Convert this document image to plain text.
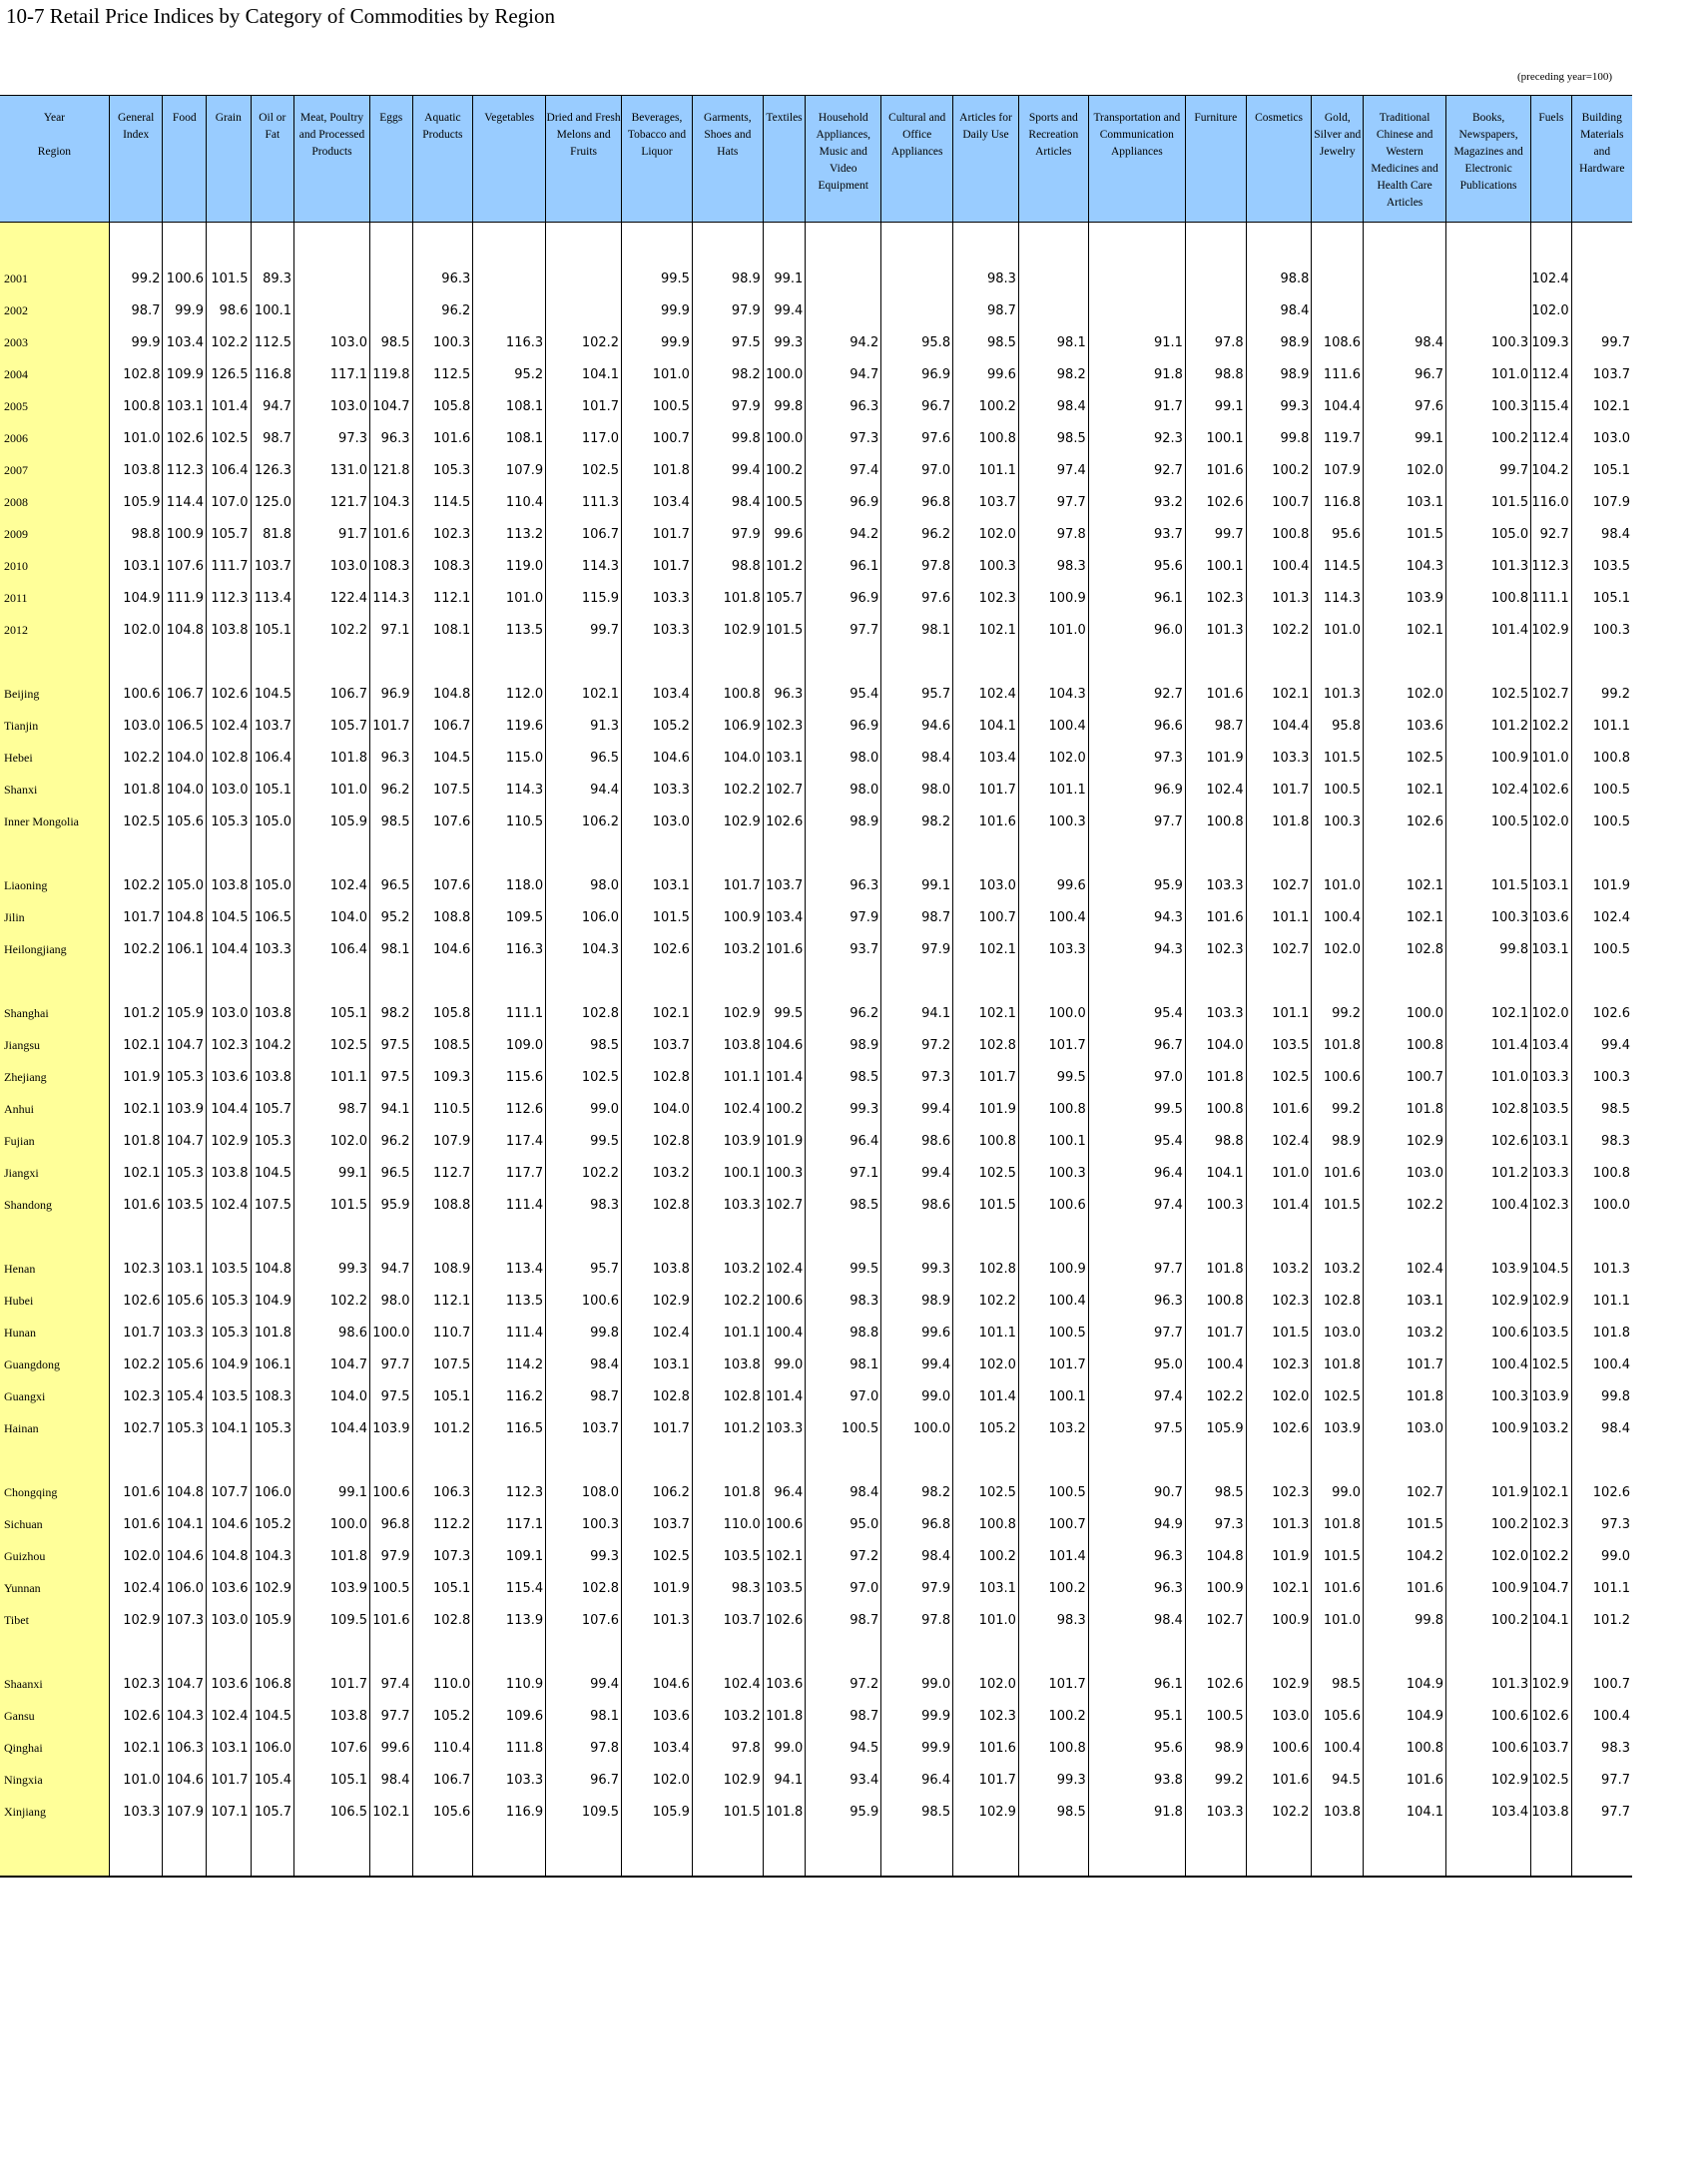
10-7 Retail Price Indices by Category of Commodities by Region
(preceding year=100)
Year
Region	General Index	Food	Grain	Oil or Fat	Meat, Poultry and Processed Products	Eggs	Aquatic Products	Vegetables	Dried and Fresh Melons and Fruits	Beverages, Tobacco and Liquor	Garments, Shoes and Hats	Textiles	Household Appliances, Music and Video Equipment	Cultural and Office Appliances	Articles for Daily Use	Sports and Recreation Articles	Transportation and Communication Appliances	Furniture	Cosmetics	Gold, Silver and Jewelry	Traditional Chinese and Western Medicines and Health Care Articles	Books, Newspapers, Magazines and Electronic Publications	Fuels	Building Materials and Hardware

2001	99.2	100.6	101.5	89.3			96.3			99.5	98.9	99.1			98.3				98.8				102.4	
2002	98.7	99.9	98.6	100.1			96.2			99.9	97.9	99.4			98.7				98.4				102.0	
2003	99.9	103.4	102.2	112.5	103.0	98.5	100.3	116.3	102.2	99.9	97.5	99.3	94.2	95.8	98.5	98.1	91.1	97.8	98.9	108.6	98.4	100.3	109.3	99.7
2004	102.8	109.9	126.5	116.8	117.1	119.8	112.5	95.2	104.1	101.0	98.2	100.0	94.7	96.9	99.6	98.2	91.8	98.8	98.9	111.6	96.7	101.0	112.4	103.7
2005	100.8	103.1	101.4	94.7	103.0	104.7	105.8	108.1	101.7	100.5	97.9	99.8	96.3	96.7	100.2	98.4	91.7	99.1	99.3	104.4	97.6	100.3	115.4	102.1
2006	101.0	102.6	102.5	98.7	97.3	96.3	101.6	108.1	117.0	100.7	99.8	100.0	97.3	97.6	100.8	98.5	92.3	100.1	99.8	119.7	99.1	100.2	112.4	103.0
2007	103.8	112.3	106.4	126.3	131.0	121.8	105.3	107.9	102.5	101.8	99.4	100.2	97.4	97.0	101.1	97.4	92.7	101.6	100.2	107.9	102.0	99.7	104.2	105.1
2008	105.9	114.4	107.0	125.0	121.7	104.3	114.5	110.4	111.3	103.4	98.4	100.5	96.9	96.8	103.7	97.7	93.2	102.6	100.7	116.8	103.1	101.5	116.0	107.9
2009	98.8	100.9	105.7	81.8	91.7	101.6	102.3	113.2	106.7	101.7	97.9	99.6	94.2	96.2	102.0	97.8	93.7	99.7	100.8	95.6	101.5	105.0	92.7	98.4
2010	103.1	107.6	111.7	103.7	103.0	108.3	108.3	119.0	114.3	101.7	98.8	101.2	96.1	97.8	100.3	98.3	95.6	100.1	100.4	114.5	104.3	101.3	112.3	103.5
2011	104.9	111.9	112.3	113.4	122.4	114.3	112.1	101.0	115.9	103.3	101.8	105.7	96.9	97.6	102.3	100.9	96.1	102.3	101.3	114.3	103.9	100.8	111.1	105.1
2012	102.0	104.8	103.8	105.1	102.2	97.1	108.1	113.5	99.7	103.3	102.9	101.5	97.7	98.1	102.1	101.0	96.0	101.3	102.2	101.0	102.1	101.4	102.9	100.3

Beijing	100.6	106.7	102.6	104.5	106.7	96.9	104.8	112.0	102.1	103.4	100.8	96.3	95.4	95.7	102.4	104.3	92.7	101.6	102.1	101.3	102.0	102.5	102.7	99.2
Tianjin	103.0	106.5	102.4	103.7	105.7	101.7	106.7	119.6	91.3	105.2	106.9	102.3	96.9	94.6	104.1	100.4	96.6	98.7	104.4	95.8	103.6	101.2	102.2	101.1
Hebei	102.2	104.0	102.8	106.4	101.8	96.3	104.5	115.0	96.5	104.6	104.0	103.1	98.0	98.4	103.4	102.0	97.3	101.9	103.3	101.5	102.5	100.9	101.0	100.8
Shanxi	101.8	104.0	103.0	105.1	101.0	96.2	107.5	114.3	94.4	103.3	102.2	102.7	98.0	98.0	101.7	101.1	96.9	102.4	101.7	100.5	102.1	102.4	102.6	100.5
Inner Mongolia	102.5	105.6	105.3	105.0	105.9	98.5	107.6	110.5	106.2	103.0	102.9	102.6	98.9	98.2	101.6	100.3	97.7	100.8	101.8	100.3	102.6	100.5	102.0	100.5

Liaoning	102.2	105.0	103.8	105.0	102.4	96.5	107.6	118.0	98.0	103.1	101.7	103.7	96.3	99.1	103.0	99.6	95.9	103.3	102.7	101.0	102.1	101.5	103.1	101.9
Jilin	101.7	104.8	104.5	106.5	104.0	95.2	108.8	109.5	106.0	101.5	100.9	103.4	97.9	98.7	100.7	100.4	94.3	101.6	101.1	100.4	102.1	100.3	103.6	102.4
Heilongjiang	102.2	106.1	104.4	103.3	106.4	98.1	104.6	116.3	104.3	102.6	103.2	101.6	93.7	97.9	102.1	103.3	94.3	102.3	102.7	102.0	102.8	99.8	103.1	100.5

Shanghai	101.2	105.9	103.0	103.8	105.1	98.2	105.8	111.1	102.8	102.1	102.9	99.5	96.2	94.1	102.1	100.0	95.4	103.3	101.1	99.2	100.0	102.1	102.0	102.6
Jiangsu	102.1	104.7	102.3	104.2	102.5	97.5	108.5	109.0	98.5	103.7	103.8	104.6	98.9	97.2	102.8	101.7	96.7	104.0	103.5	101.8	100.8	101.4	103.4	99.4
Zhejiang	101.9	105.3	103.6	103.8	101.1	97.5	109.3	115.6	102.5	102.8	101.1	101.4	98.5	97.3	101.7	99.5	97.0	101.8	102.5	100.6	100.7	101.0	103.3	100.3
Anhui	102.1	103.9	104.4	105.7	98.7	94.1	110.5	112.6	99.0	104.0	102.4	100.2	99.3	99.4	101.9	100.8	99.5	100.8	101.6	99.2	101.8	102.8	103.5	98.5
Fujian	101.8	104.7	102.9	105.3	102.0	96.2	107.9	117.4	99.5	102.8	103.9	101.9	96.4	98.6	100.8	100.1	95.4	98.8	102.4	98.9	102.9	102.6	103.1	98.3
Jiangxi	102.1	105.3	103.8	104.5	99.1	96.5	112.7	117.7	102.2	103.2	100.1	100.3	97.1	99.4	102.5	100.3	96.4	104.1	101.0	101.6	103.0	101.2	103.3	100.8
Shandong	101.6	103.5	102.4	107.5	101.5	95.9	108.8	111.4	98.3	102.8	103.3	102.7	98.5	98.6	101.5	100.6	97.4	100.3	101.4	101.5	102.2	100.4	102.3	100.0

Henan	102.3	103.1	103.5	104.8	99.3	94.7	108.9	113.4	95.7	103.8	103.2	102.4	99.5	99.3	102.8	100.9	97.7	101.8	103.2	103.2	102.4	103.9	104.5	101.3
Hubei	102.6	105.6	105.3	104.9	102.2	98.0	112.1	113.5	100.6	102.9	102.2	100.6	98.3	98.9	102.2	100.4	96.3	100.8	102.3	102.8	103.1	102.9	102.9	101.1
Hunan	101.7	103.3	105.3	101.8	98.6	100.0	110.7	111.4	99.8	102.4	101.1	100.4	98.8	99.6	101.1	100.5	97.7	101.7	101.5	103.0	103.2	100.6	103.5	101.8
Guangdong	102.2	105.6	104.9	106.1	104.7	97.7	107.5	114.2	98.4	103.1	103.8	99.0	98.1	99.4	102.0	101.7	95.0	100.4	102.3	101.8	101.7	100.4	102.5	100.4
Guangxi	102.3	105.4	103.5	108.3	104.0	97.5	105.1	116.2	98.7	102.8	102.8	101.4	97.0	99.0	101.4	100.1	97.4	102.2	102.0	102.5	101.8	100.3	103.9	99.8
Hainan	102.7	105.3	104.1	105.3	104.4	103.9	101.2	116.5	103.7	101.7	101.2	103.3	100.5	100.0	105.2	103.2	97.5	105.9	102.6	103.9	103.0	100.9	103.2	98.4

Chongqing	101.6	104.8	107.7	106.0	99.1	100.6	106.3	112.3	108.0	106.2	101.8	96.4	98.4	98.2	102.5	100.5	90.7	98.5	102.3	99.0	102.7	101.9	102.1	102.6
Sichuan	101.6	104.1	104.6	105.2	100.0	96.8	112.2	117.1	100.3	103.7	110.0	100.6	95.0	96.8	100.8	100.7	94.9	97.3	101.3	101.8	101.5	100.2	102.3	97.3
Guizhou	102.0	104.6	104.8	104.3	101.8	97.9	107.3	109.1	99.3	102.5	103.5	102.1	97.2	98.4	100.2	101.4	96.3	104.8	101.9	101.5	104.2	102.0	102.2	99.0
Yunnan	102.4	106.0	103.6	102.9	103.9	100.5	105.1	115.4	102.8	101.9	98.3	103.5	97.0	97.9	103.1	100.2	96.3	100.9	102.1	101.6	101.6	100.9	104.7	101.1
Tibet	102.9	107.3	103.0	105.9	109.5	101.6	102.8	113.9	107.6	101.3	103.7	102.6	98.7	97.8	101.0	98.3	98.4	102.7	100.9	101.0	99.8	100.2	104.1	101.2

Shaanxi	102.3	104.7	103.6	106.8	101.7	97.4	110.0	110.9	99.4	104.6	102.4	103.6	97.2	99.0	102.0	101.7	96.1	102.6	102.9	98.5	104.9	101.3	102.9	100.7
Gansu	102.6	104.3	102.4	104.5	103.8	97.7	105.2	109.6	98.1	103.6	103.2	101.8	98.7	99.9	102.3	100.2	95.1	100.5	103.0	105.6	104.9	100.6	102.6	100.4
Qinghai	102.1	106.3	103.1	106.0	107.6	99.6	110.4	111.8	97.8	103.4	97.8	99.0	94.5	99.9	101.6	100.8	95.6	98.9	100.6	100.4	100.8	100.6	103.7	98.3
Ningxia	101.0	104.6	101.7	105.4	105.1	98.4	106.7	103.3	96.7	102.0	102.9	94.1	93.4	96.4	101.7	99.3	93.8	99.2	101.6	94.5	101.6	102.9	102.5	97.7
Xinjiang	103.3	107.9	107.1	105.7	106.5	102.1	105.6	116.9	109.5	105.9	101.5	101.8	95.9	98.5	102.9	98.5	91.8	103.3	102.2	103.8	104.1	103.4	103.8	97.7
